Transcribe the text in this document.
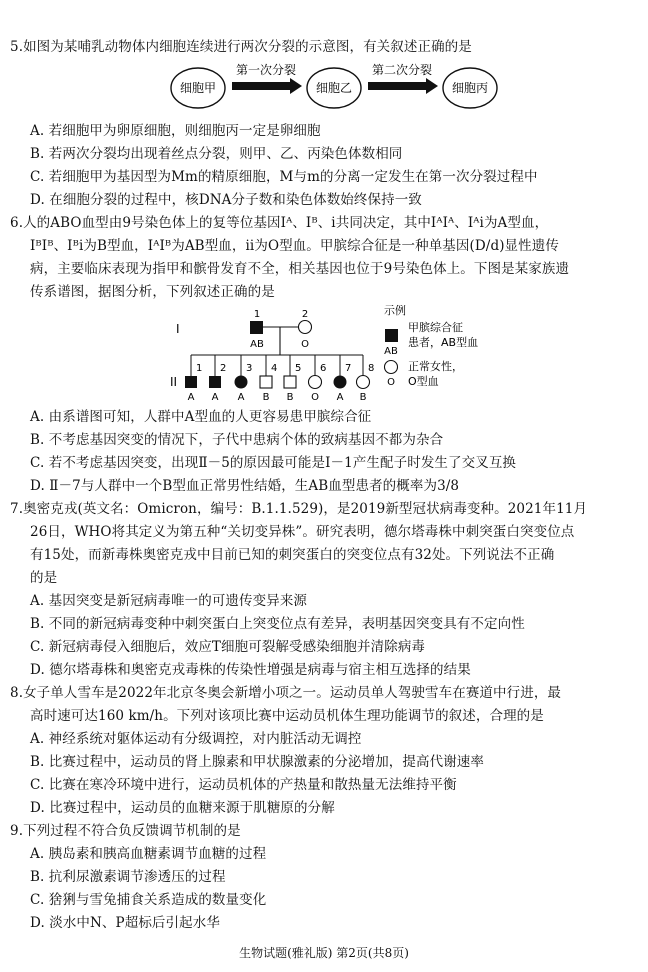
5.如图为某哺乳动物体内细胞连续进行两次分裂的示意图，有关叙述正确的是
细胞甲
第一次分裂
细胞乙
第二次分裂
细胞丙
A. 若细胞甲为卵原细胞，则细胞丙一定是卵细胞
B. 若两次分裂均出现着丝点分裂，则甲、乙、丙染色体数相同
C. 若细胞甲为基因型为Mm的精原细胞，M与m的分离一定发生在第一次分裂过程中
D. 在细胞分裂的过程中，核DNA分子数和染色体数始终保持一致
6.人的ABO血型由9号染色体上的复等位基因Iᴬ、Iᴮ、i共同决定，其中IᴬIᴬ、Iᴬi为A型血，
IᴮIᴮ、Iᴮi为B型血，IᴬIᴮ为AB型血，ii为O型血。甲膑综合征是一种单基因(D/d)显性遗传
病，主要临床表现为指甲和髌骨发育不全，相关基因也位于9号染色体上。下图是某家族遗
传系谱图，据图分析，下列叙述正确的是
I
II
1
AB
2
O
1
A
2
A
3
A
4
B
5
B
6
O
7
A
8
B
示例
AB
甲膑综合征
患者，AB型血
O
正常女性，
O型血
A. 由系谱图可知，人群中A型血的人更容易患甲膑综合征
B. 不考虑基因突变的情况下，子代中患病个体的致病基因不都为杂合
C. 若不考虑基因突变，出现Ⅱ－5的原因最可能是Ⅰ－1产生配子时发生了交叉互换
D. Ⅱ－7与人群中一个B型血正常男性结婚，生AB血型患者的概率为3/8
7.奥密克戎(英文名：Omicron，编号：B.1.1.529)，是2019新型冠状病毒变种。2021年11月
26日，WHO将其定义为第五种“关切变异株”。研究表明，德尔塔毒株中刺突蛋白突变位点
有15处，而新毒株奥密克戎中目前已知的刺突蛋白的突变位点有32处。下列说法不正确
的是
A. 基因突变是新冠病毒唯一的可遗传变异来源
B. 不同的新冠病毒变种中刺突蛋白上突变位点有差异，表明基因突变具有不定向性
C. 新冠病毒侵入细胞后，效应T细胞可裂解受感染细胞并清除病毒
D. 德尔塔毒株和奥密克戎毒株的传染性增强是病毒与宿主相互选择的结果
8.女子单人雪车是2022年北京冬奥会新增小项之一。运动员单人驾驶雪车在赛道中行进，最
高时速可达160 km/h。下列对该项比赛中运动员机体生理功能调节的叙述，合理的是
A. 神经系统对躯体运动有分级调控，对内脏活动无调控
B. 比赛过程中，运动员的肾上腺素和甲状腺激素的分泌增加，提高代谢速率
C. 比赛在寒冷环境中进行，运动员机体的产热量和散热量无法维持平衡
D. 比赛过程中，运动员的血糖来源于肌糖原的分解
9.下列过程不符合负反馈调节机制的是
A. 胰岛素和胰高血糖素调节血糖的过程
B. 抗利尿激素调节渗透压的过程
C. 猞猁与雪兔捕食关系造成的数量变化
D. 淡水中N、P超标后引起水华
生物试题(雅礼版) 第2页(共8页)
